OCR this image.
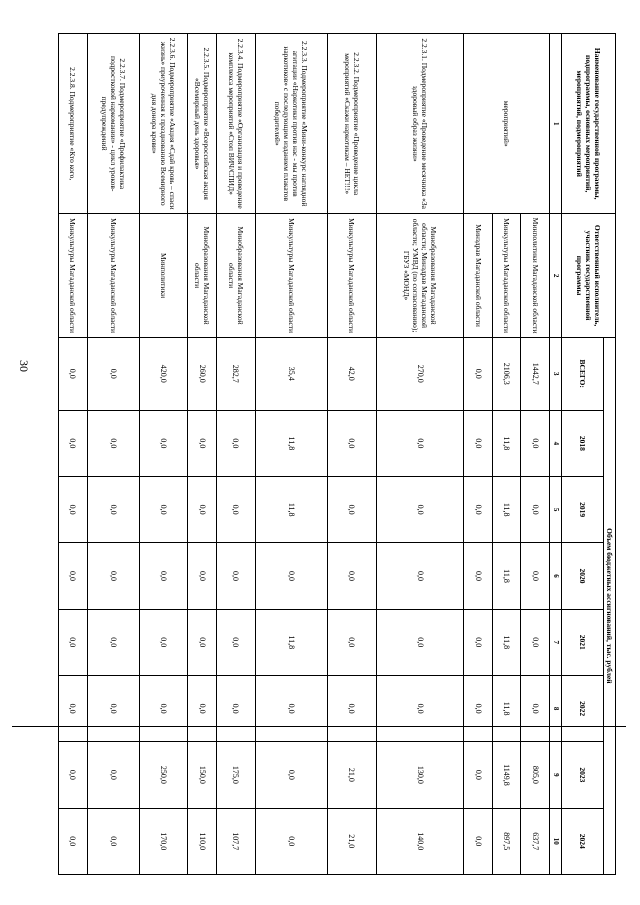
30
Наименование государственной программы, подпрограммы, основных мероприятий, мероприятий, подмероприятий	Ответственный исполнитель, участник государственной программы	Объем бюджетных ассигнований, тыс. рублей							
		ВСЕГО:	2018	2019	2020	2021	2022	2023	2024
1	2	3	4	5	6	7	8	9	10
мероприятий»	Минполитики Магаданской области	1442,7	0,0	0,0	0,0	0,0	0,0	805,0	637,7
	Минкультуры Магаданской области	2106,3	11,8	11,8	11,8	11,8	11,8	1149,8	897,5
	Минздрав Магаданской области	0,0	0,0	0,0	0,0	0,0	0,0	0,0	0,0
2.2.3.1. Подмероприятие «Проведение месячника «За здоровый образ жизни»	Минобразования Магаданской области; Минздрав Магаданской области; УМВД (по согласованию); ГБУЗ «МОНД»	270,0	0,0	0,0	0,0	0,0	0,0	130,0	140,0
2.2.3.2. Подмероприятие «Проведение цикла мероприятий «Скажи наркотикам – НЕТ!!!»	Минкультуры Магаданской области	42,0	0,0	0,0	0,0	0,0	0,0	21,0	21,0
2.2.3.3. Подмероприятие «Мини-конкурс наглядной агитации «Наркотики против нас - мы против наркотиков» с последующим изданием плакатов победителей»	Минкультуры Магаданской области	35,4	11,8	11,8	0,0	11,8	0,0	0,0	0,0
2.2.3.4. Подмероприятие «Организация и проведение комплекса мероприятий «Стоп ВИЧ/СПИД»	Минобразования Магаданской области	282,7	0,0	0,0	0,0	0,0	0,0	175,0	107,7
2.2.3.5. Подмероприятие «Всероссийская акция «Всемирный день здоровья»	Минобразования Магаданской области	260,0	0,0	0,0	0,0	0,0	0,0	150,0	110,0
2.2.3.6. Подмероприятие «Акция «Сдай кровь – спаси жизнь» приуроченная к празднованию Всемирного дня донора крови»	Минполитики	420,0	0,0	0,0	0,0	0,0	0,0	250,0	170,0
2.2.3.7. Подмероприятие «Профилактика подростковой наркомании» - цикл уроков-предупреждений	Минкультуры Магаданской области	0,0	0,0	0,0	0,0	0,0	0,0	0,0	0,0
2.2.3.8. Подмероприятие «Кто кого,	Минкультуры Магаданской области	0,0	0,0	0,0	0,0	0,0	0,0	0,0	0,0
